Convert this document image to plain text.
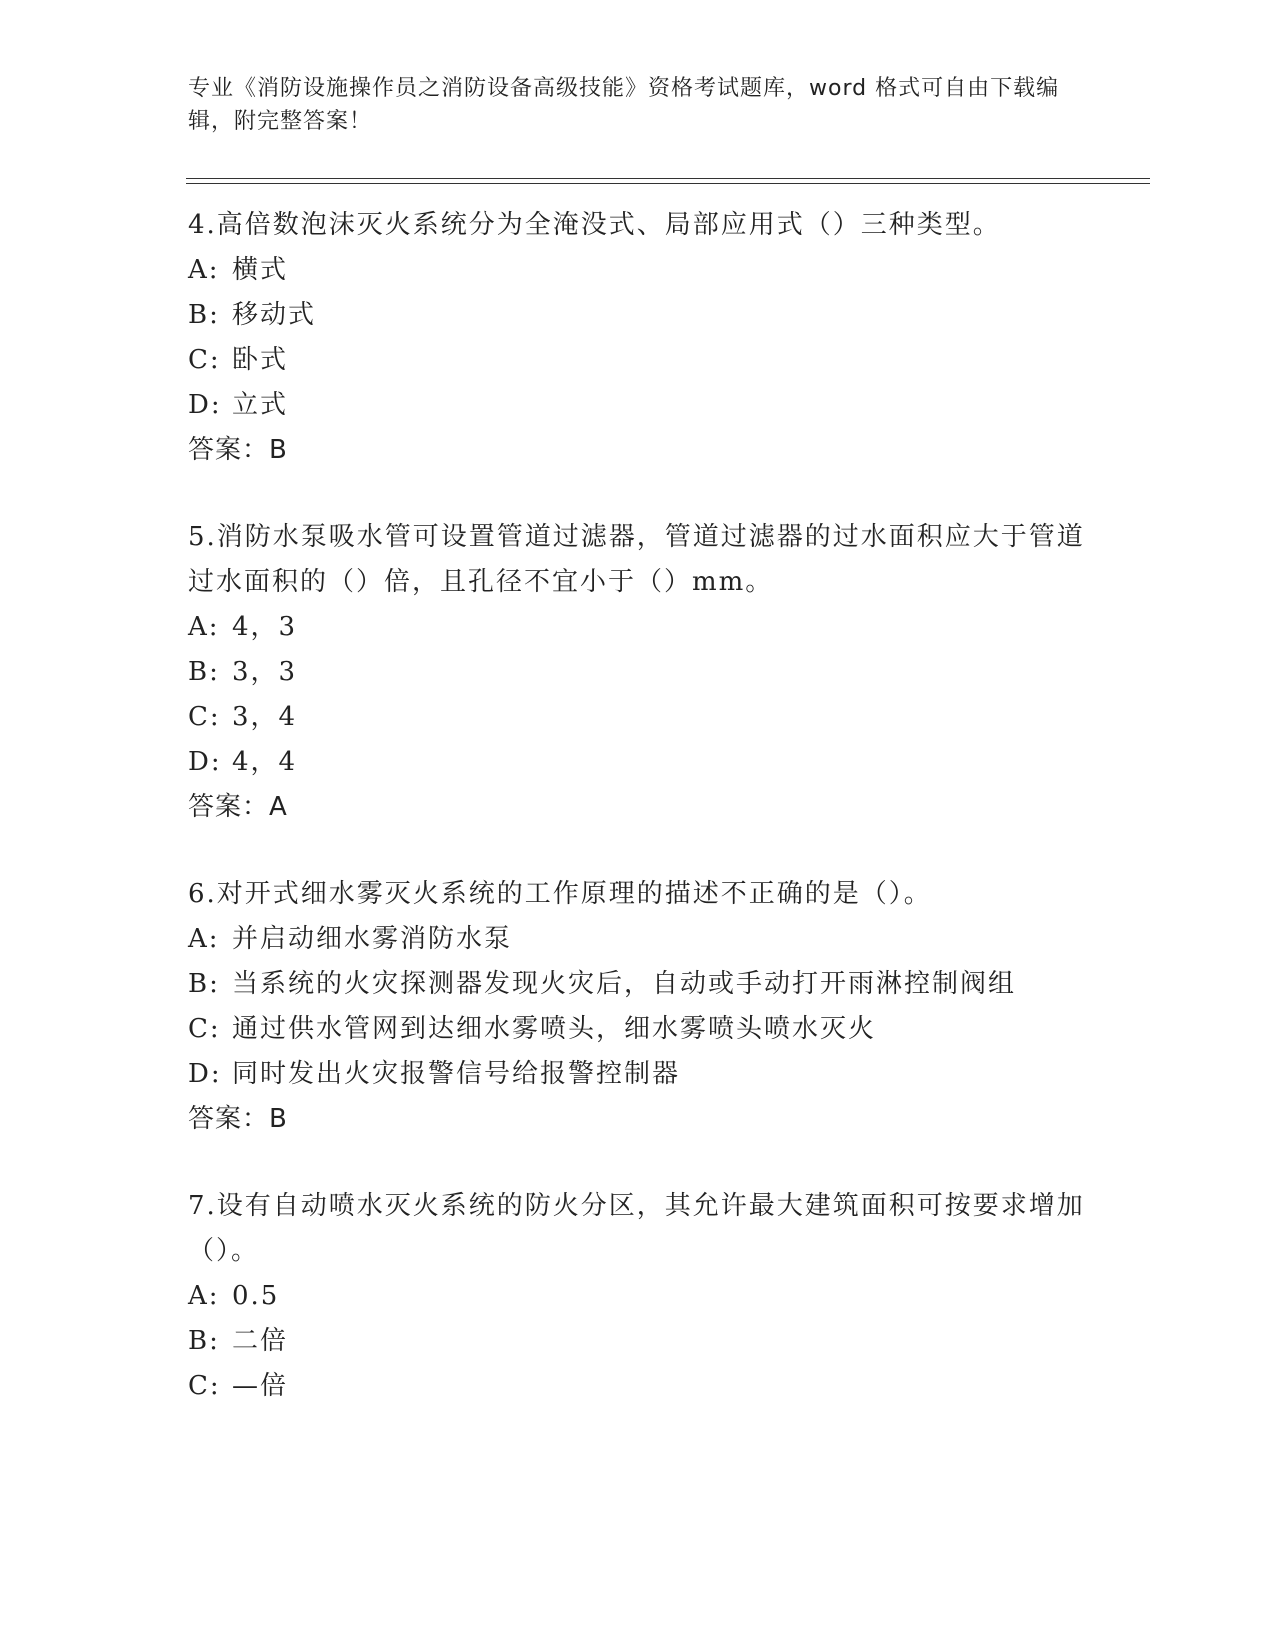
专业《消防设施操作员之消防设备高级技能》资格考试题库，word 格式可自由下载编辑，附完整答案！

4.高倍数泡沫灭火系统分为全淹没式、局部应用式（）三种类型。

A: 横式

B: 移动式

C: 卧式

D: 立式

答案：B

5.消防水泵吸水管可设置管道过滤器，管道过滤器的过水面积应大于管道过水面积的（）倍，且孔径不宜小于（）mm。

A: 4，3

B: 3，3

C: 3，4

D: 4，4

答案：A

6.对开式细水雾灭火系统的工作原理的描述不正确的是（）。

A: 并启动细水雾消防水泵

B: 当系统的火灾探测器发现火灾后，自动或手动打开雨淋控制阀组

C: 通过供水管网到达细水雾喷头，细水雾喷头喷水灭火

D: 同时发出火灾报警信号给报警控制器

答案：B

7.设有自动喷水灭火系统的防火分区，其允许最大建筑面积可按要求增加（）。

A: 0.5

B: 二倍

C: —倍
